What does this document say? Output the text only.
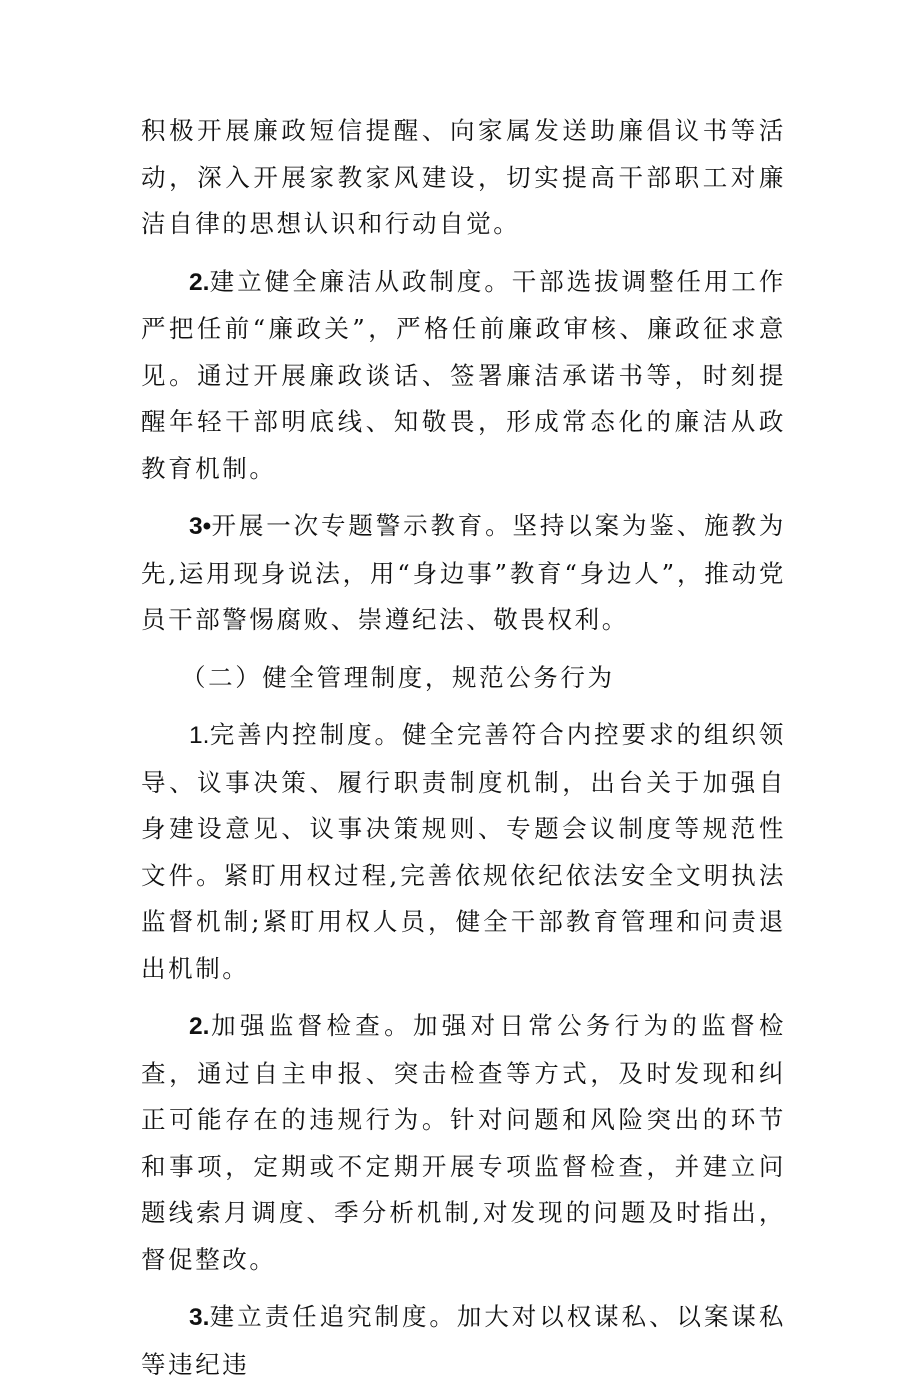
积极开展廉政短信提醒、向家属发送助廉倡议书等活动，深入开展家教家风建设，切实提高干部职工对廉洁自律的思想认识和行动自觉。

2.建立健全廉洁从政制度。干部选拔调整任用工作严把任前“廉政关”，严格任前廉政审核、廉政征求意见。通过开展廉政谈话、签署廉洁承诺书等，时刻提醒年轻干部明底线、知敬畏，形成常态化的廉洁从政教育机制。

3•开展一次专题警示教育。坚持以案为鉴、施教为先,运用现身说法，用“身边事”教育“身边人”，推动党员干部警惕腐败、崇遵纪法、敬畏权利。

（二）健全管理制度，规范公务行为

1.完善内控制度。健全完善符合内控要求的组织领导、议事决策、履行职责制度机制，出台关于加强自身建设意见、议事决策规则、专题会议制度等规范性文件。紧盯用权过程,完善依规依纪依法安全文明执法监督机制;紧盯用权人员，健全干部教育管理和问责退出机制。

2.加强监督检查。加强对日常公务行为的监督检查，通过自主申报、突击检查等方式，及时发现和纠正可能存在的违规行为。针对问题和风险突出的环节和事项，定期或不定期开展专项监督检查，并建立问题线索月调度、季分析机制,对发现的问题及时指出，督促整改。

3.建立责任追究制度。加大对以权谋私、以案谋私等违纪违
